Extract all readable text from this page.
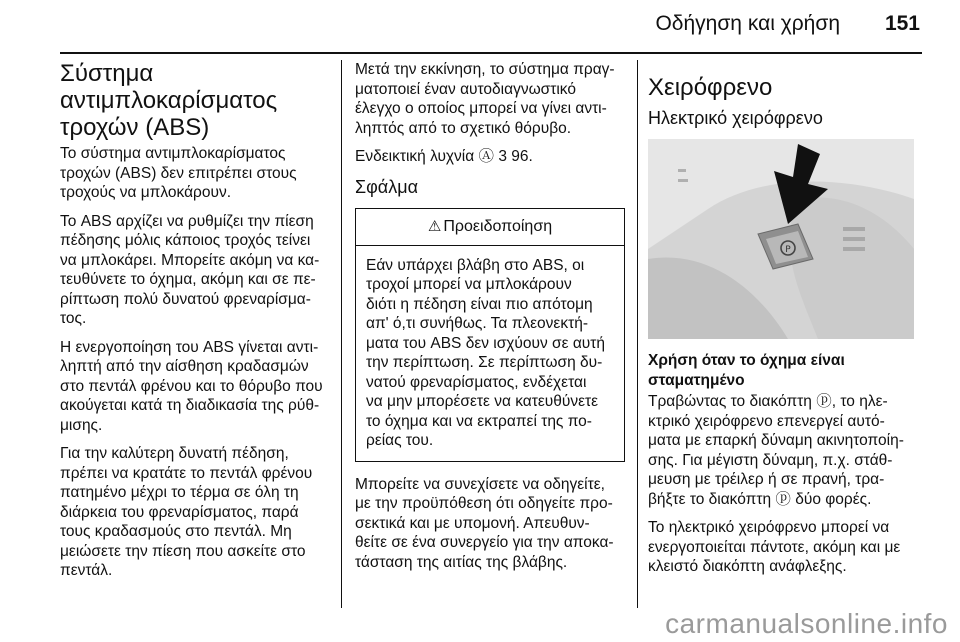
Οδήγηση και χρήση 151
Σύστημα
αντιμπλοκαρίσματος
τροχών (ABS)

Το σύστημα αντιμπλοκαρίσματος
τροχών (ABS) δεν επιτρέπει στους
τροχούς να μπλοκάρουν.

Το ABS αρχίζει να ρυθμίζει την πίεση
πέδησης μόλις κάποιος τροχός τείνει
να μπλοκάρει. Μπορείτε ακόμη να κα-
τευθύνετε το όχημα, ακόμη και σε πε-
ρίπτωση πολύ δυνατού φρεναρίσμα-
τος.

Η ενεργοποίηση του ABS γίνεται αντι-
ληπτή από την αίσθηση κραδασμών
στο πεντάλ φρένου και το θόρυβο που
ακούγεται κατά τη διαδικασία της ρύθ-
μισης.

Για την καλύτερη δυνατή πέδηση,
πρέπει να κρατάτε το πεντάλ φρένου
πατημένο μέχρι το τέρμα σε όλη τη
διάρκεια του φρεναρίσματος, παρά
τους κραδασμούς στο πεντάλ. Μη
μειώσετε την πίεση που ασκείτε στο
πεντάλ.

Μετά την εκκίνηση, το σύστημα πραγ-
ματοποιεί έναν αυτοδιαγνωστικό
έλεγχο ο οποίος μπορεί να γίνει αντι-
ληπτός από το σχετικό θόρυβο.

Ενδεικτική λυχνία Ⓐ 3 96.

Σφάλμα
⚠ Προειδοποίηση
Εάν υπάρχει βλάβη στο ABS, οι
τροχοί μπορεί να μπλοκάρουν
διότι η πέδηση είναι πιο απότομη
απ' ό,τι συνήθως. Τα πλεονεκτή-
ματα του ABS δεν ισχύουν σε αυτή
την περίπτωση. Σε περίπτωση δυ-
νατού φρεναρίσματος, ενδέχεται
να μην μπορέσετε να κατευθύνετε
το όχημα και να εκτραπεί της πο-
ρείας του.

Μπορείτε να συνεχίσετε να οδηγείτε,
με την προϋπόθεση ότι οδηγείτε προ-
σεκτικά και με υπομονή. Απευθυν-
θείτε σε ένα συνεργείο για την αποκα-
τάσταση της αιτίας της βλάβης.

Χειρόφρενο
Ηλεκτρικό χειρόφρενο
P
Χρήση όταν το όχημα είναι
σταματημένο

Τραβώντας το διακόπτη ⓟ, το ηλε-
κτρικό χειρόφρενο επενεργεί αυτό-
ματα με επαρκή δύναμη ακινητοποίη-
σης. Για μέγιστη δύναμη, π.χ. στάθ-
μευση με τρέιλερ ή σε πρανή, τρα-
βήξτε το διακόπτη ⓟ δύο φορές.

Το ηλεκτρικό χειρόφρενο μπορεί να
ενεργοποιείται πάντοτε, ακόμη και με
κλειστό διακόπτη ανάφλεξης.

carmanualsonline.info
